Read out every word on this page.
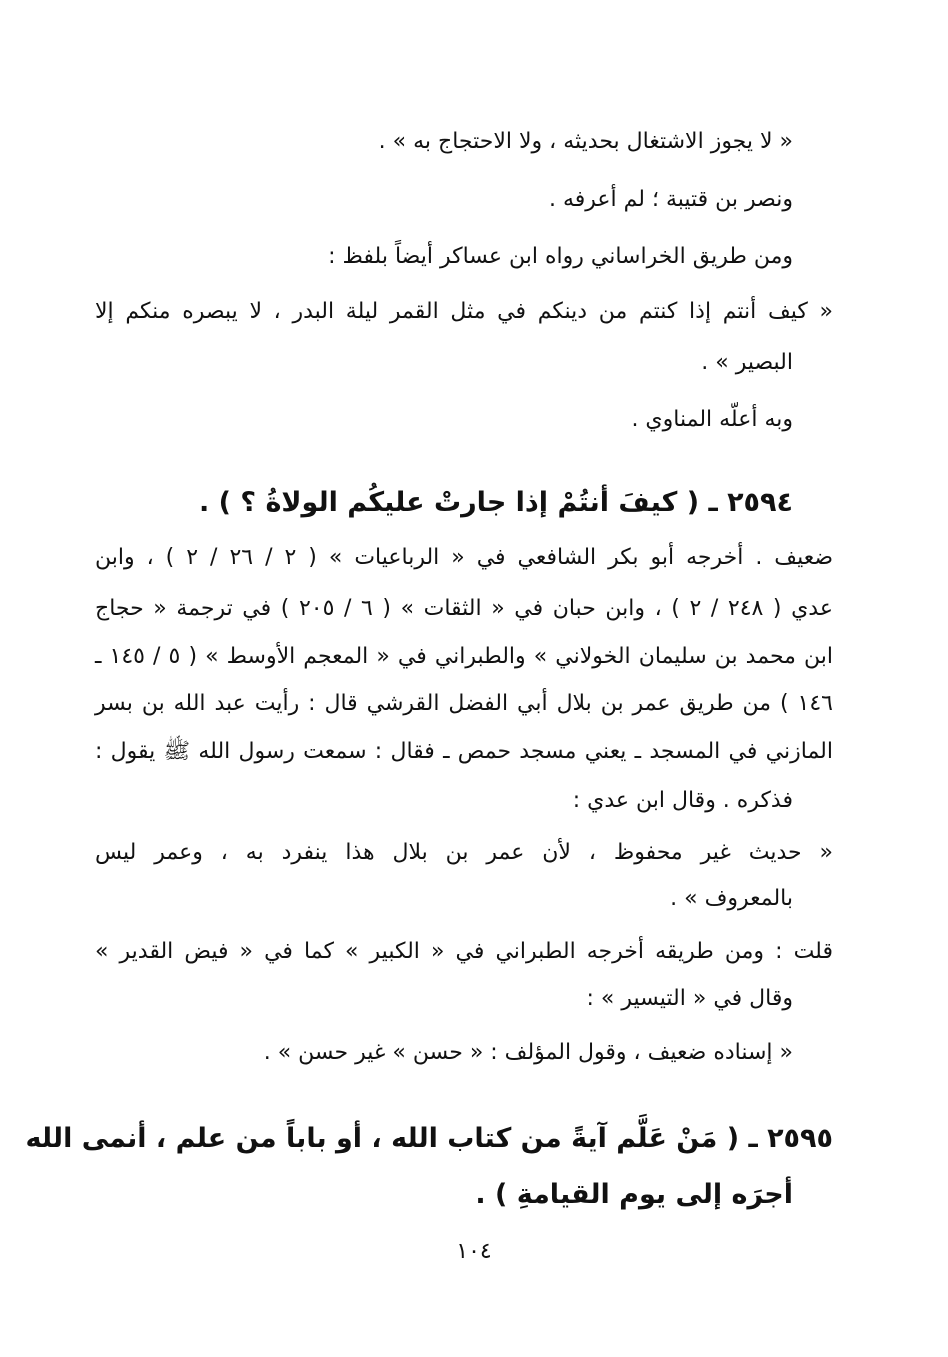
« لا يجوز الاشتغال بحديثه ، ولا الاحتجاج به » .
ونصر بن قتيبة ؛ لم أعرفه .
ومن طريق الخراساني رواه ابن عساكر أيضاً بلفظ :
« كيف أنتم إذا كنتم من دينكم في مثل القمر ليلة البدر ، لا يبصره منكم إلا
البصير » .
وبه أعلّه المناوي .
٢٥٩٤ ـ ( كيفَ أنتُمْ إذا جارتْ عليكُم الولاةُ ؟ ) .
ضعيف . أخرجه أبو بكر الشافعي في « الرباعيات » ( ٢ / ٢٦ / ٢ ) ، وابن
عدي ( ٢٤٨ / ٢ ) ، وابن حبان في « الثقات » ( ٦ / ٢٠٥ ) في ترجمة « حجاج
ابن محمد بن سليمان الخولاني » والطبراني في « المعجم الأوسط » ( ٥ / ١٤٥ ـ
١٤٦ ) من طريق عمر بن بلال أبي الفضل القرشي قال : رأيت عبد الله بن بسر
المازني في المسجد ـ يعني مسجد حمص ـ فقال : سمعت رسول الله ﷺ يقول :
فذكره . وقال ابن عدي :
« حديث غير محفوظ ، لأن عمر بن بلال هذا ينفرد به ، وعمر ليس
بالمعروف » .
قلت : ومن طريقه أخرجه الطبراني في « الكبير » كما في « فيض القدير »
وقال في « التيسير » :
« إسناده ضعيف ، وقول المؤلف : « حسن » غير حسن » .
٢٥٩٥ ـ ( مَنْ عَلَّم آيةً من كتاب الله ، أو باباً من علم ، أنمى الله
أجرَه إلى يوم القيامةِ ) .
١٠٤
